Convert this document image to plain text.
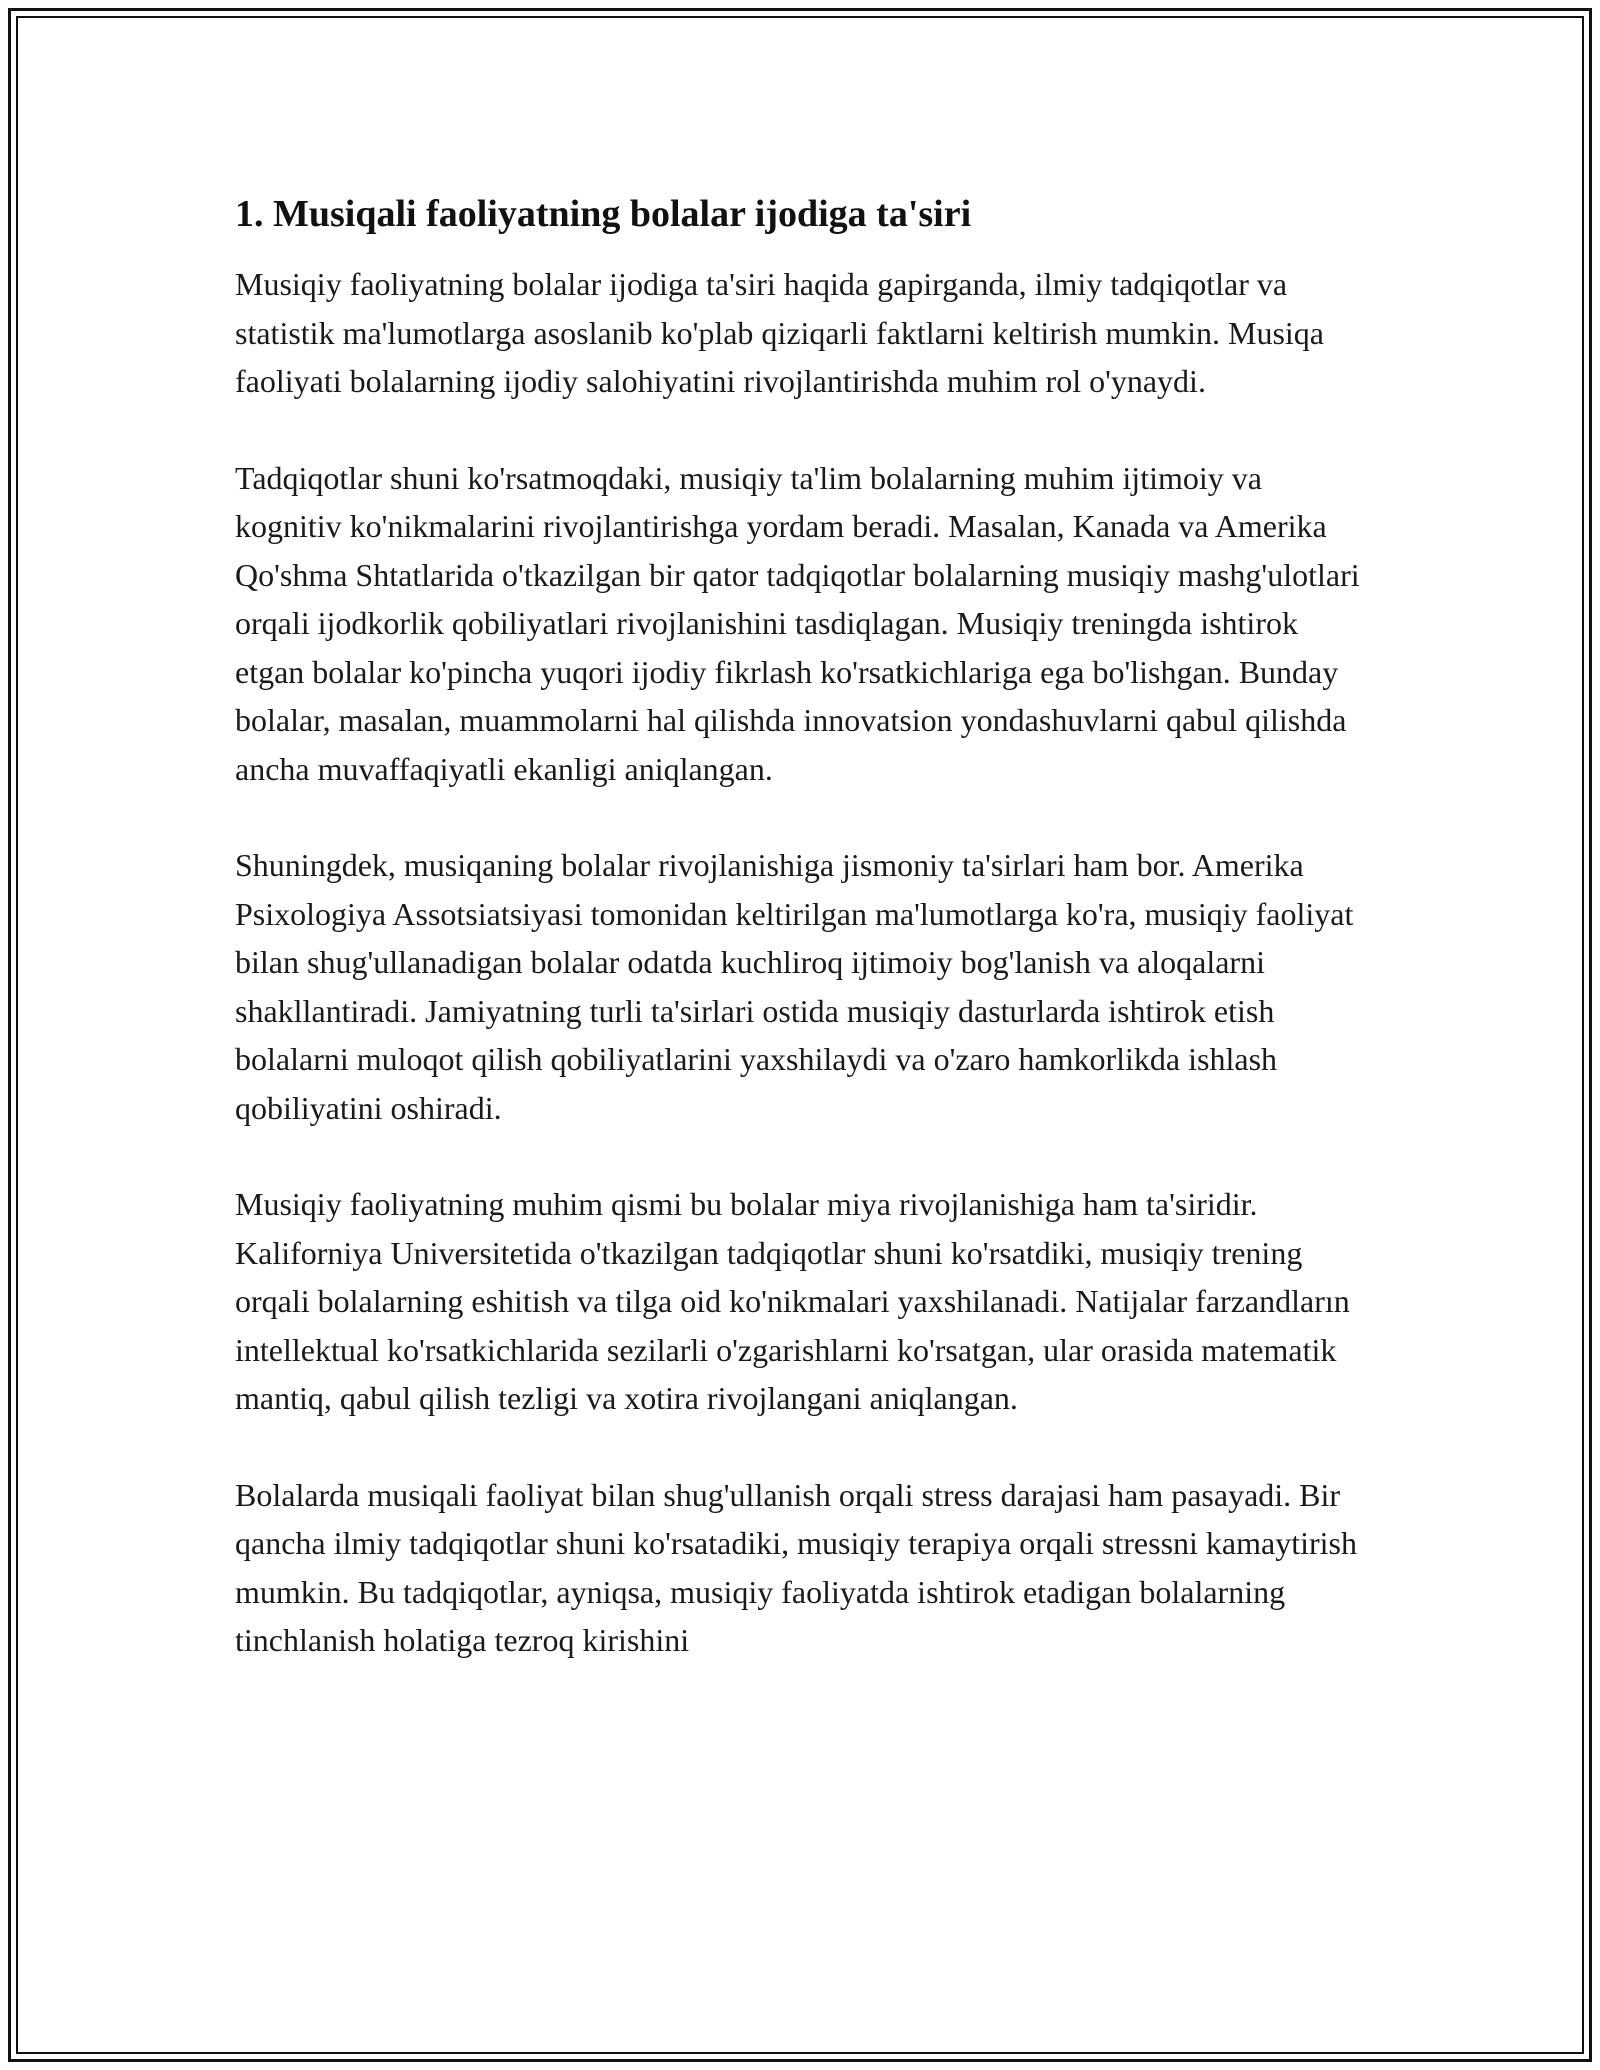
1. Musiqali faoliyatning bolalar ijodiga ta'siri

Musiqiy faoliyatning bolalar ijodiga ta'siri haqida gapirganda, ilmiy tadqiqotlar va statistik ma'lumotlarga asoslanib ko'plab qiziqarli faktlarni keltirish mumkin. Musiqa faoliyati bolalarning ijodiy salohiyatini rivojlantirishda muhim rol o'ynaydi.

Tadqiqotlar shuni ko'rsatmoqdaki, musiqiy ta'lim bolalarning muhim ijtimoiy va kognitiv ko'nikmalarini rivojlantirishga yordam beradi. Masalan, Kanada va Amerika Qo'shma Shtatlarida o'tkazilgan bir qator tadqiqotlar bolalarning musiqiy mashg'ulotlari orqali ijodkorlik qobiliyatlari rivojlanishini tasdiqlagan. Musiqiy treningda ishtirok etgan bolalar ko'pincha yuqori ijodiy fikrlash ko'rsatkichlariga ega bo'lishgan. Bunday bolalar, masalan, muammolarni hal qilishda innovatsion yondashuvlarni qabul qilishda ancha muvaffaqiyatli ekanligi aniqlangan.

Shuningdek, musiqaning bolalar rivojlanishiga jismoniy ta'sirlari ham bor. Amerika Psixologiya Assotsiatsiyasi tomonidan keltirilgan ma'lumotlarga ko'ra, musiqiy faoliyat bilan shug'ullanadigan bolalar odatda kuchliroq ijtimoiy bog'lanish va aloqalarni shakllantiradi. Jamiyatning turli ta'sirlari ostida musiqiy dasturlarda ishtirok etish bolalarni muloqot qilish qobiliyatlarini yaxshilaydi va o'zaro hamkorlikda ishlash qobiliyatini oshiradi.

Musiqiy faoliyatning muhim qismi bu bolalar miya rivojlanishiga ham ta'siridir. Kaliforniya Universitetida o'tkazilgan tadqiqotlar shuni ko'rsatdiki, musiqiy trening orqali bolalarning eshitish va tilga oid ko'nikmalari yaxshilanadi. Natijalar farzandların intellektual ko'rsatkichlarida sezilarli o'zgarishlarni ko'rsatgan, ular orasida matematik mantiq, qabul qilish tezligi va xotira rivojlangani aniqlangan.

Bolalarda musiqali faoliyat bilan shug'ullanish orqali stress darajasi ham pasayadi. Bir qancha ilmiy tadqiqotlar shuni ko'rsatadiki, musiqiy terapiya orqali stressni kamaytirish mumkin. Bu tadqiqotlar, ayniqsa, musiqiy faoliyatda ishtirok etadigan bolalarning tinchlanish holatiga tezroq kirishini
